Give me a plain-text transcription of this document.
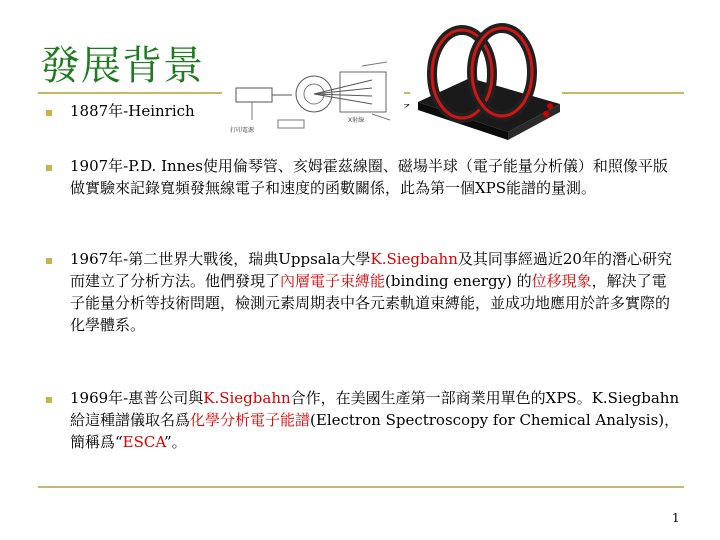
發展背景
1887年-Heinrich
X射線
打印電源
1907年-P.D. Innes使用倫琴管、亥姆霍茲線圈、磁場半球（電子能量分析儀）和照像平版做實驗來記錄寬頻發無線電子和速度的函數關係，此為第一個XPS能譜的量測。
1967年-第二世界大戰後，瑞典Uppsala大學K.Siegbahn及其同事經過近20年的潛心研究而建立了分析方法。他們發現了內層電子束縛能(binding energy) 的位移現象，解決了電子能量分析等技術問題，檢測元素周期表中各元素軌道束縛能，並成功地應用於許多實際的化學體系。
1969年-惠普公司與K.Siegbahn合作，在美國生產第一部商業用單色的XPS。K.Siegbahn給這種譜儀取名爲化學分析電子能譜(Electron Spectroscopy for Chemical Analysis)，簡稱爲“ESCA”。
1
